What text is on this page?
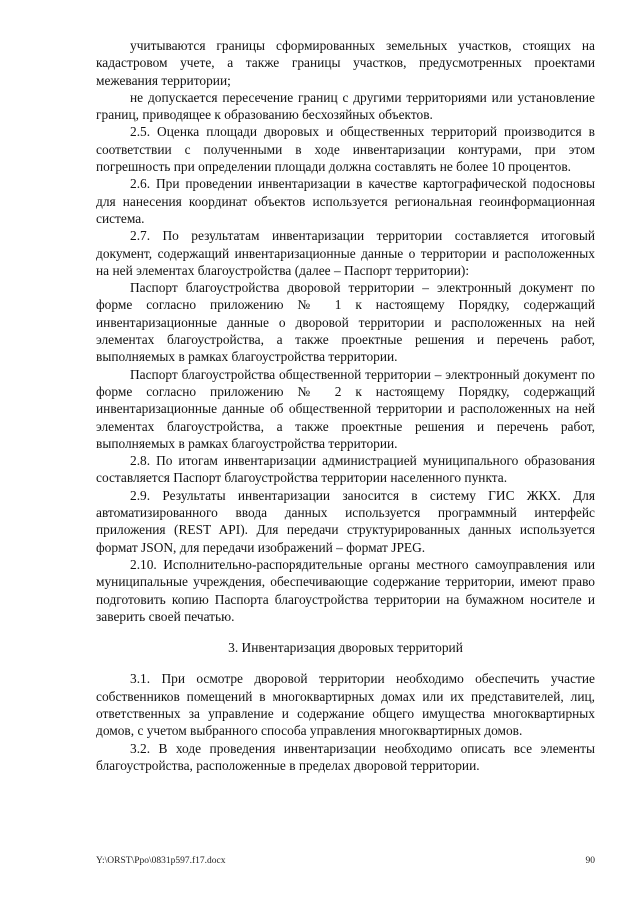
учитываются границы сформированных земельных участков, стоящих на кадастровом учете, а также границы участков, предусмотренных проектами межевания территории;

не допускается пересечение границ с другими территориями или установление границ, приводящее к образованию бесхозяйных объектов.

2.5. Оценка площади дворовых и общественных территорий производится в соответствии с полученными в ходе инвентаризации контурами, при этом погрешность при определении площади должна составлять не более 10 процентов.

2.6. При проведении инвентаризации в качестве картографической подосновы для нанесения координат объектов используется региональная геоинформационная система.

2.7. По результатам инвентаризации территории составляется итоговый документ, содержащий инвентаризационные данные о территории и расположенных на ней элементах благоустройства (далее – Паспорт территории):

Паспорт благоустройства дворовой территории – электронный документ по форме согласно приложению № 1 к настоящему Порядку, содержащий инвентаризационные данные о дворовой территории и расположенных на ней элементах благоустройства, а также проектные решения и перечень работ, выполняемых в рамках благоустройства территории.

Паспорт благоустройства общественной территории – электронный документ по форме согласно приложению № 2 к настоящему Порядку, содержащий инвентаризационные данные об общественной территории и расположенных на ней элементах благоустройства, а также проектные решения и перечень работ, выполняемых в рамках благоустройства территории.

2.8. По итогам инвентаризации администрацией муниципального образования составляется Паспорт благоустройства территории населенного пункта.

2.9. Результаты инвентаризации заносится в систему ГИС ЖКХ. Для автоматизированного ввода данных используется программный интерфейс приложения (REST API). Для передачи структурированных данных используется формат JSON, для передачи изображений – формат JPEG.

2.10. Исполнительно-распорядительные органы местного самоуправления или муниципальные учреждения, обеспечивающие содержание территории, имеют право подготовить копию Паспорта благоустройства территории на бумажном носителе и заверить своей печатью.

3. Инвентаризация дворовых территорий

3.1. При осмотре дворовой территории необходимо обеспечить участие собственников помещений в многоквартирных домах или их представителей, лиц, ответственных за управление и содержание общего имущества многоквартирных домов, с учетом выбранного способа управления многоквартирных домов.

3.2. В ходе проведения инвентаризации необходимо описать все элементы благоустройства, расположенные в пределах дворовой территории.

Y:\ORST\Ppo\0831p597.f17.docx	90
